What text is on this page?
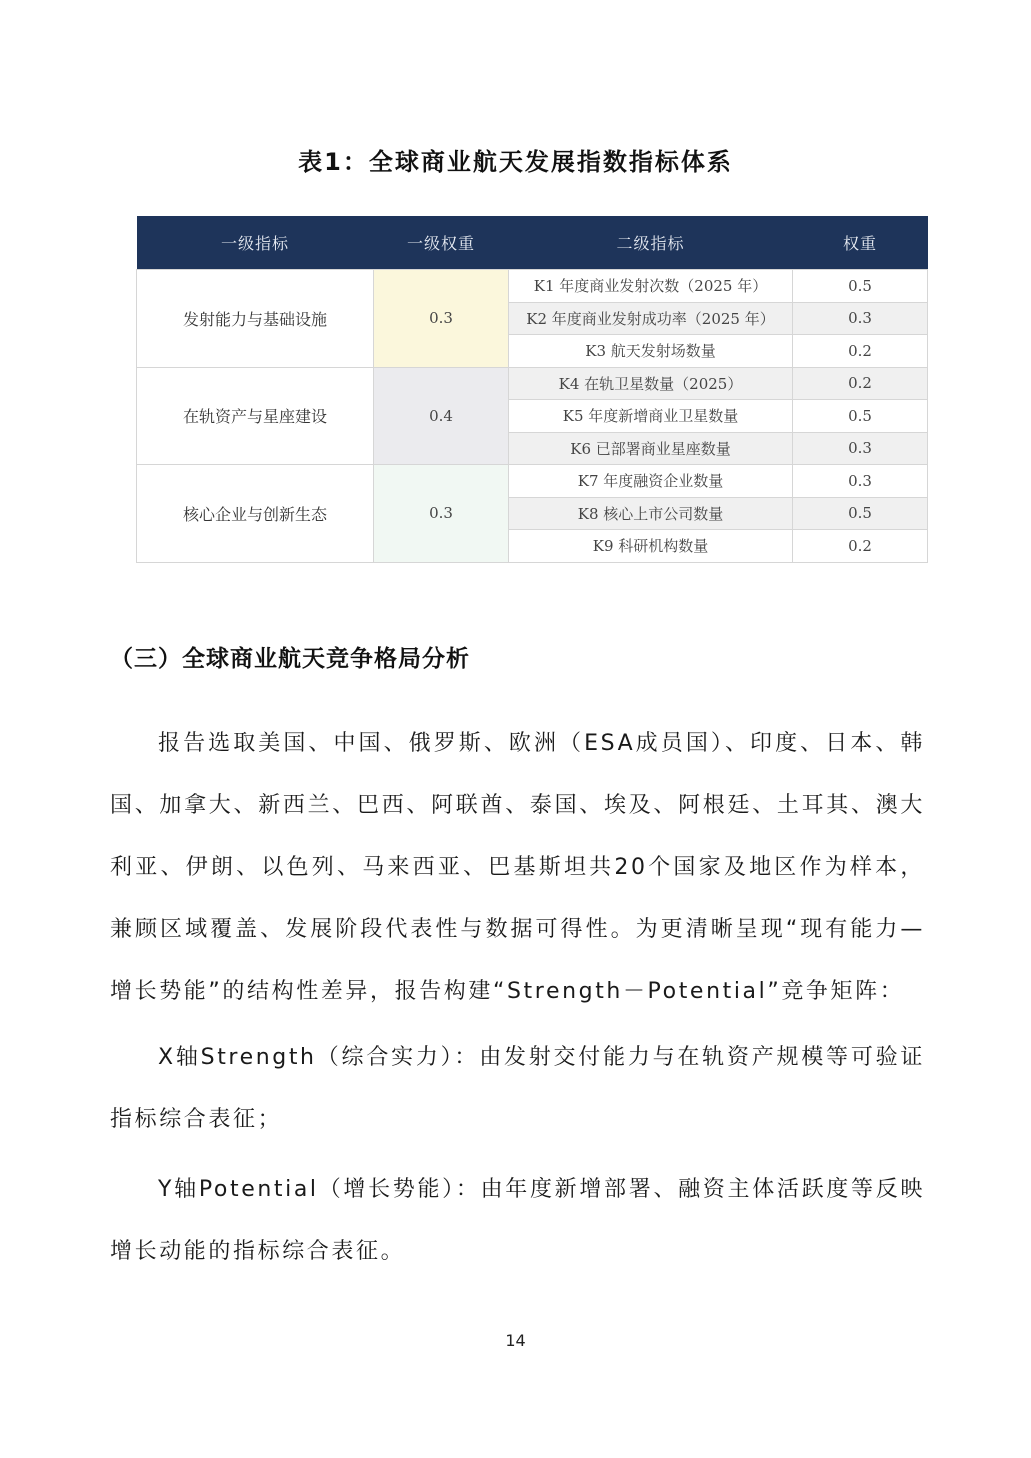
表1：全球商业航天发展指数指标体系
一级指标	一级权重	二级指标	权重
发射能力与基础设施	0.3	K1 年度商业发射次数（2025 年）	0.5
		K2 年度商业发射成功率（2025 年）	0.3
		K3 航天发射场数量	0.2
在轨资产与星座建设	0.4	K4 在轨卫星数量（2025）	0.2
		K5 年度新增商业卫星数量	0.5
		K6 已部署商业星座数量	0.3
核心企业与创新生态	0.3	K7 年度融资企业数量	0.3
		K8 核心上市公司数量	0.5
		K9 科研机构数量	0.2
（三）全球商业航天竞争格局分析

报告选取美国、中国、俄罗斯、欧洲（ESA成员国）、印度、日本、韩国、加拿大、新西兰、巴西、阿联酋、泰国、埃及、阿根廷、土耳其、澳大利亚、伊朗、以色列、马来西亚、巴基斯坦共20个国家及地区作为样本，兼顾区域覆盖、发展阶段代表性与数据可得性。为更清晰呈现“现有能力—增长势能”的结构性差异，报告构建“Strength－Potential”竞争矩阵：

X轴Strength（综合实力）：由发射交付能力与在轨资产规模等可验证指标综合表征；

Y轴Potential（增长势能）：由年度新增部署、融资主体活跃度等反映增长动能的指标综合表征。

14
